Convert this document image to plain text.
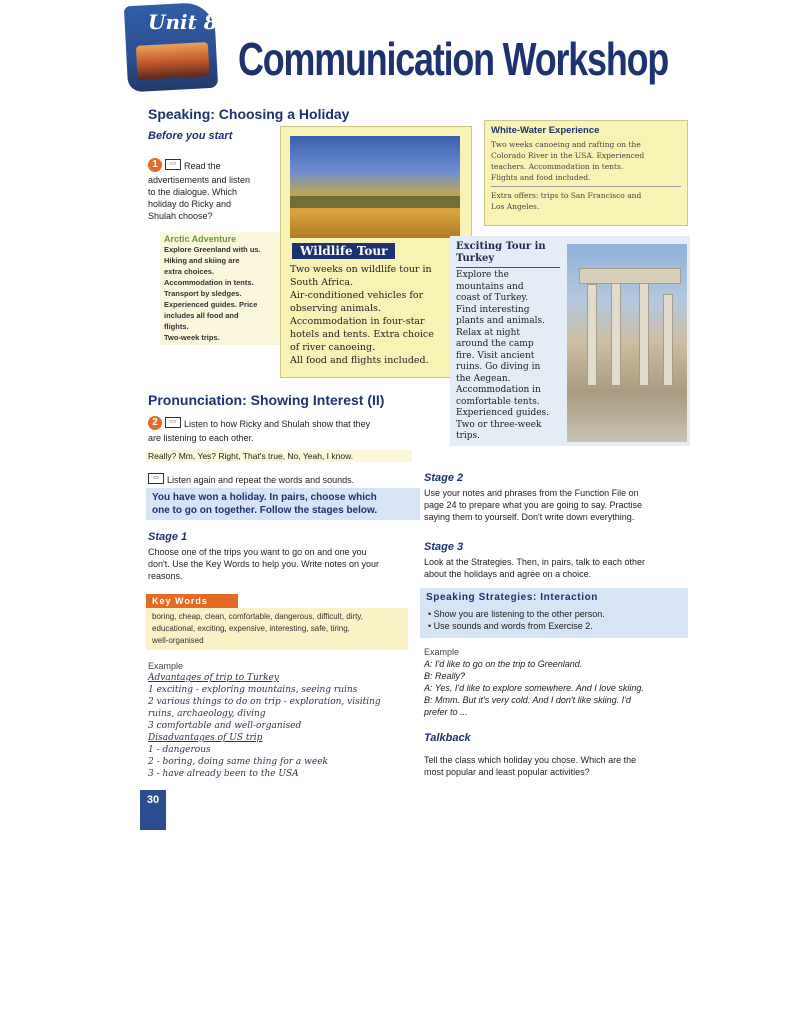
Unit 8
Communication Workshop
Speaking: Choosing a Holiday
Before you start
1 ▭ Read the
advertisements and listen
to the dialogue. Which
holiday do Ricky and
Shulah choose?
Arctic Adventure
Explore Greenland with us.
Hiking and skiing are
extra choices.
Accommodation in tents.
Transport by sledges.
Experienced guides. Price
includes all food and
flights.
Two-week trips.
Wildlife Tour
Two weeks on wildlife tour in
South Africa.
Air-conditioned vehicles for
observing animals.
Accommodation in four-star
hotels and tents. Extra choice
of river canoeing.
All food and flights included.
White-Water Experience
Two weeks canoeing and rafting on the
Colorado River in the USA. Experienced
teachers. Accommodation in tents.
Flights and food included.
Extra offers: trips to San Francisco and
Los Angeles.
Exciting Tour in
Turkey
Explore the
mountains and
coast of Turkey.
Find interesting
plants and animals.
Relax at night
around the camp
fire. Visit ancient
ruins. Go diving in
the Aegean.
Accommodation in
comfortable tents.
Experienced guides.
Two or three-week
trips.
Pronunciation: Showing Interest (II)
2 ▭ Listen to how Ricky and Shulah show that they
are listening to each other.
Really? Mm, Yes? Right, That's true, No, Yeah, I know.
▭ Listen again and repeat the words and sounds.
You have won a holiday. In pairs, choose which
one to go on together. Follow the stages below.
Stage 1
Choose one of the trips you want to go on and one you
don't. Use the Key Words to help you. Write notes on your
reasons.
Key Words
boring, cheap, clean, comfortable, dangerous, difficult, dirty,
educational, exciting, expensive, interesting, safe, tiring,
well-organised
Example
Advantages of trip to Turkey
1 exciting - exploring mountains, seeing ruins
2 various things to do on trip - exploration, visiting
ruins, archaeology, diving
3 comfortable and well-organised
Disadvantages of US trip
1 - dangerous
2 - boring, doing same thing for a week
3 - have already been to the USA
30
Stage 2
Use your notes and phrases from the Function File on
page 24 to prepare what you are going to say. Practise
saying them to yourself. Don't write down everything.
Stage 3
Look at the Strategies. Then, in pairs, talk to each other
about the holidays and agree on a choice.
Speaking Strategies: Interaction
• Show you are listening to the other person.
• Use sounds and words from Exercise 2.
Example
A: I'd like to go on the trip to Greenland.
B: Really?
A: Yes, I'd like to explore somewhere. And I love skiing.
B: Mmm. But it's very cold. And I don't like skiing. I'd
prefer to ...
Talkback
Tell the class which holiday you chose. Which are the
most popular and least popular activities?
